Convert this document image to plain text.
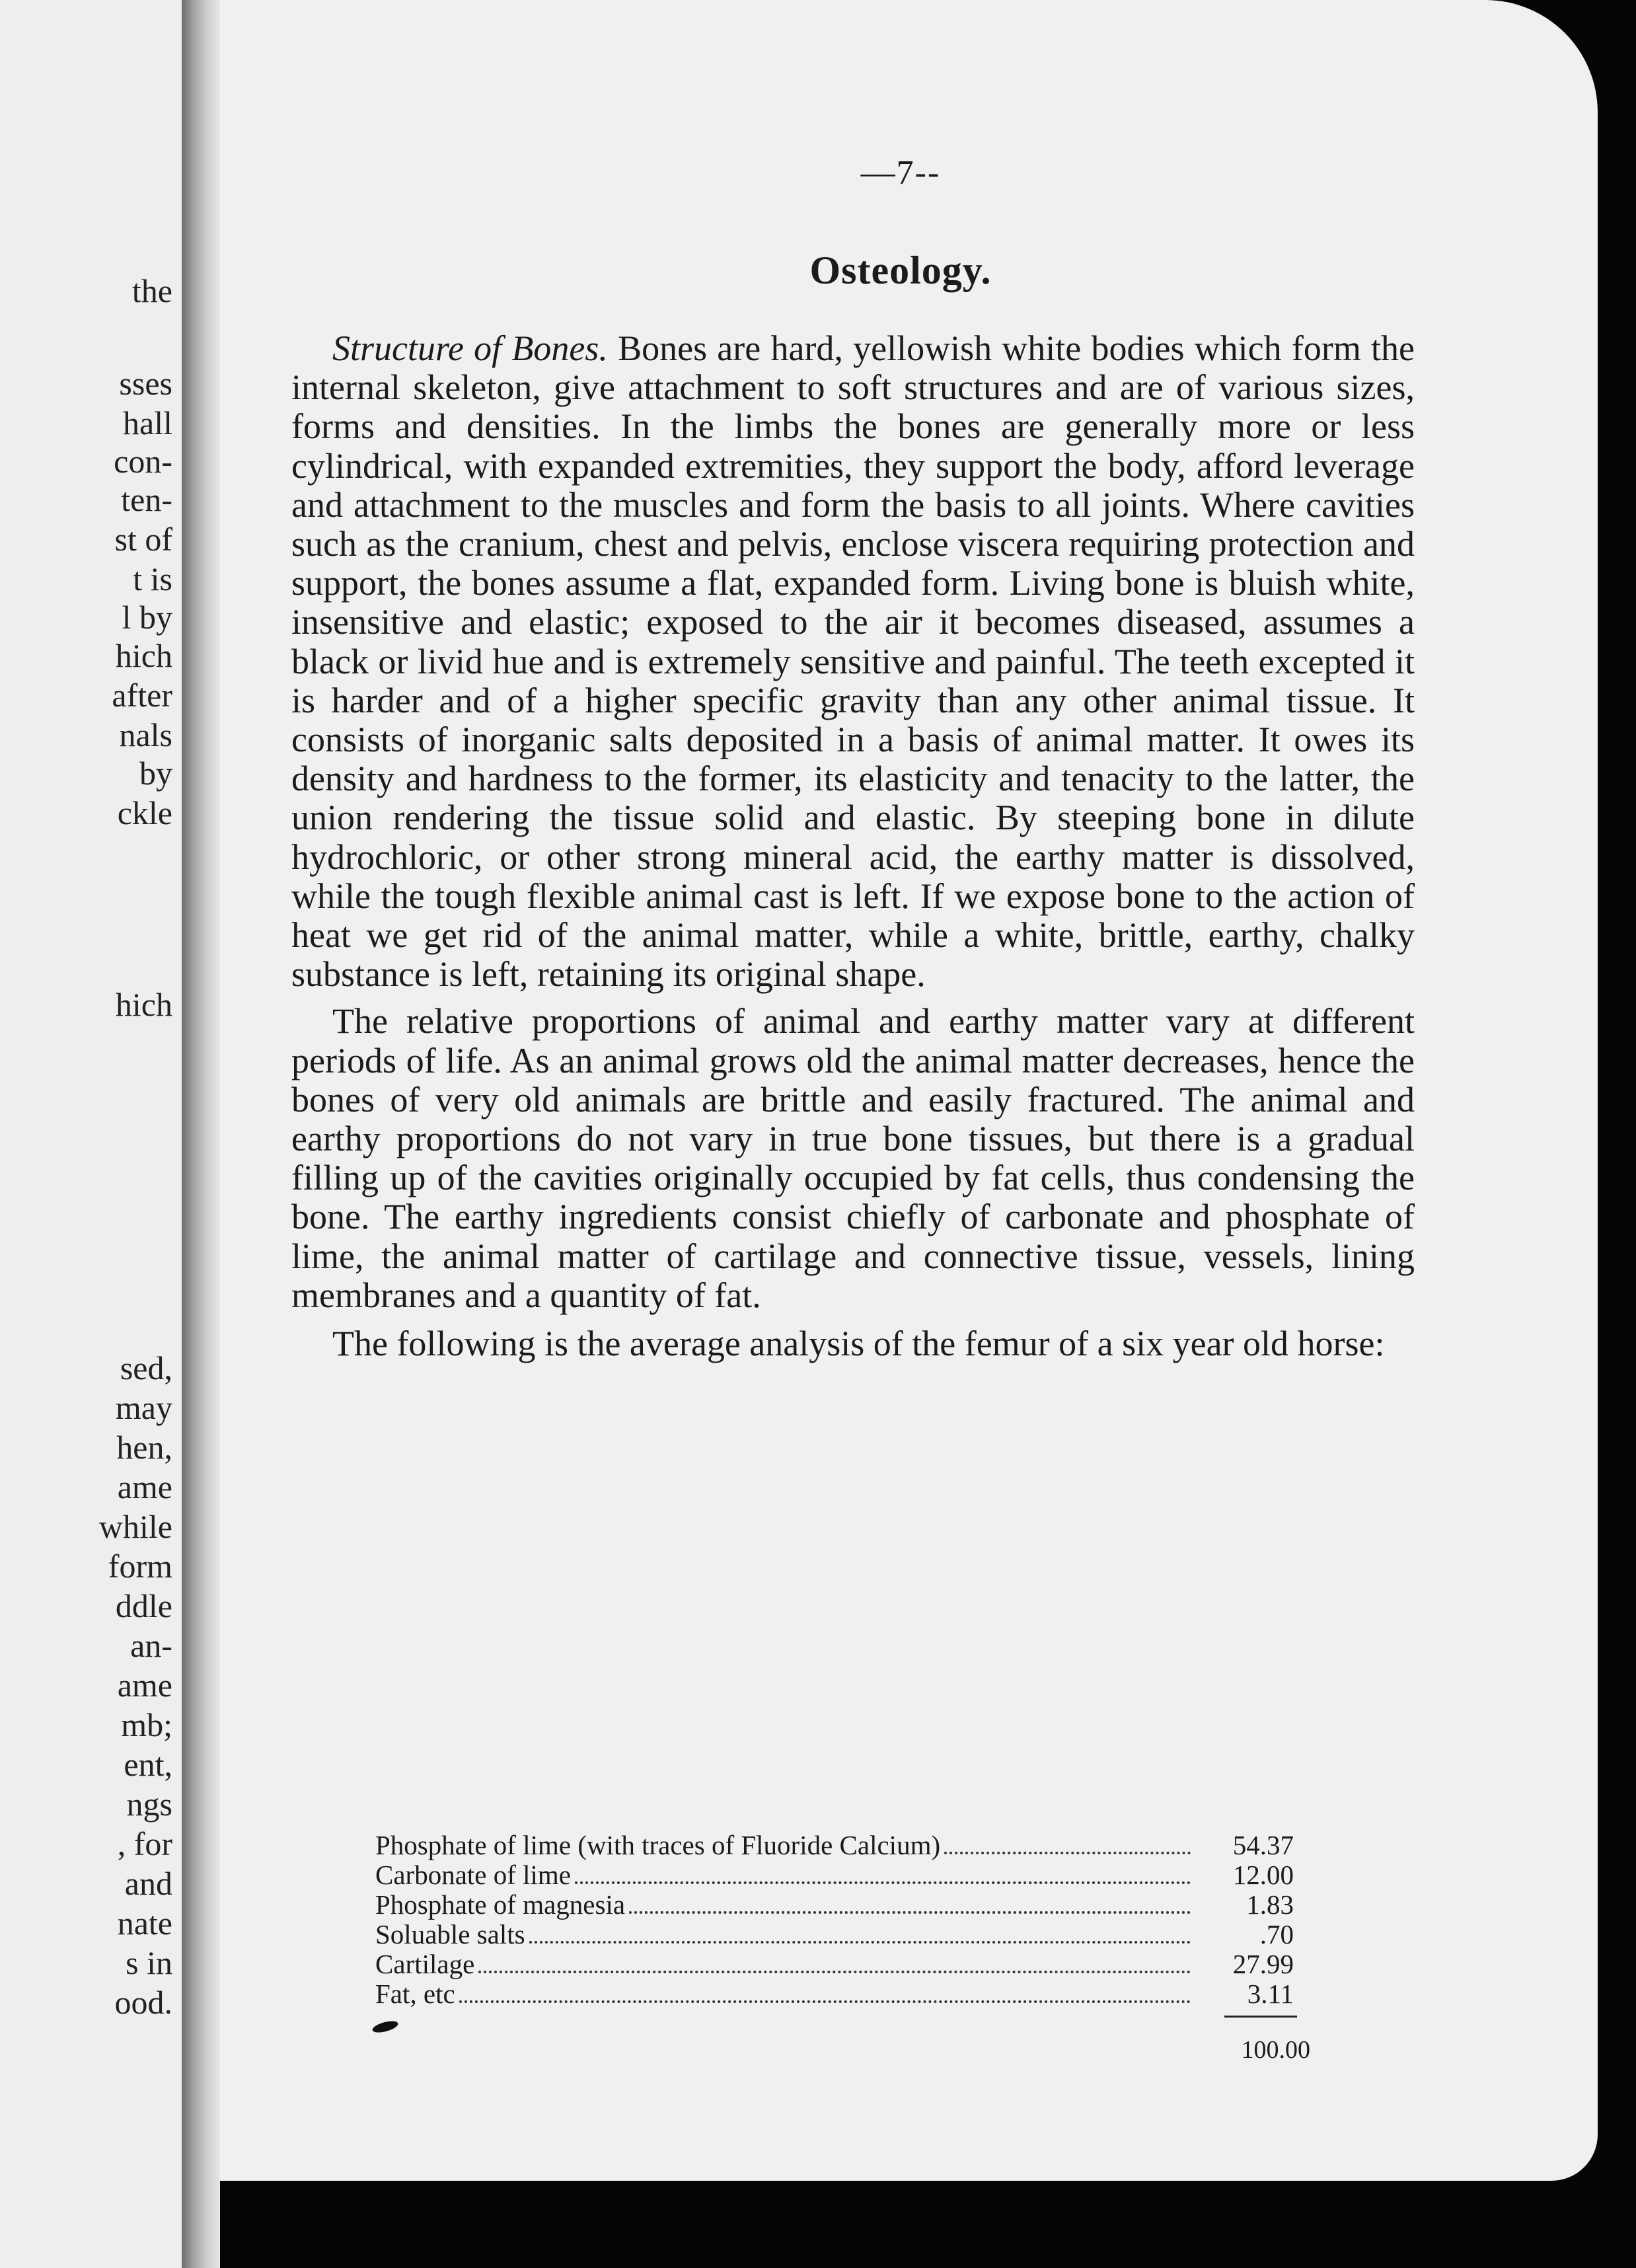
the
sses
hall
con-
ten-
st of
t is
l by
hich
after
nals
by
ckle
hich
sed,
may
hen,
ame
while
form
ddle
an-
ame
mb;
ent,
ngs
, for
and
nate
s in
ood.
—7--
Osteology.

Structure of Bones. Bones are hard, yellowish white bodies which form the internal skeleton, give attachment to soft structures and are of various sizes, forms and densities. In the limbs the bones are generally more or less cylindrical, with expanded extremities, they support the body, afford leverage and attachment to the muscles and form the basis to all joints. Where cavities such as the cranium, chest and pelvis, enclose viscera requiring protection and support, the bones assume a flat, expanded form. Living bone is bluish white, insensitive and elastic; exposed to the air it becomes diseased, assumes a black or livid hue and is extremely sensitive and painful. The teeth excepted it is harder and of a higher specific gravity than any other animal tissue. It consists of inorganic salts deposited in a basis of animal matter. It owes its density and hardness to the former, its elasticity and tenacity to the latter, the union rendering the tissue solid and elastic. By steeping bone in dilute hydrochloric, or other strong mineral acid, the earthy matter is dissolved, while the tough flexible animal cast is left. If we expose bone to the action of heat we get rid of the animal matter, while a white, brittle, earthy, chalky substance is left, retaining its original shape.

The relative proportions of animal and earthy matter vary at different periods of life. As an animal grows old the animal matter decreases, hence the bones of very old animals are brittle and easily fractured. The animal and earthy proportions do not vary in true bone tissues, but there is a gradual filling up of the cavities originally occupied by fat cells, thus condensing the bone. The earthy ingredients consist chiefly of carbonate and phosphate of lime, the animal matter of cartilage and connective tissue, vessels, lining membranes and a quantity of fat.

The following is the average analysis of the femur of a six year old horse:

Phosphate of lime (with traces of Fluoride Calcium)	54.37
Carbonate of lime	12.00
Phosphate of magnesia	1.83
Soluable salts	.70
Cartilage	27.99
Fat, etc	3.11
100.00
